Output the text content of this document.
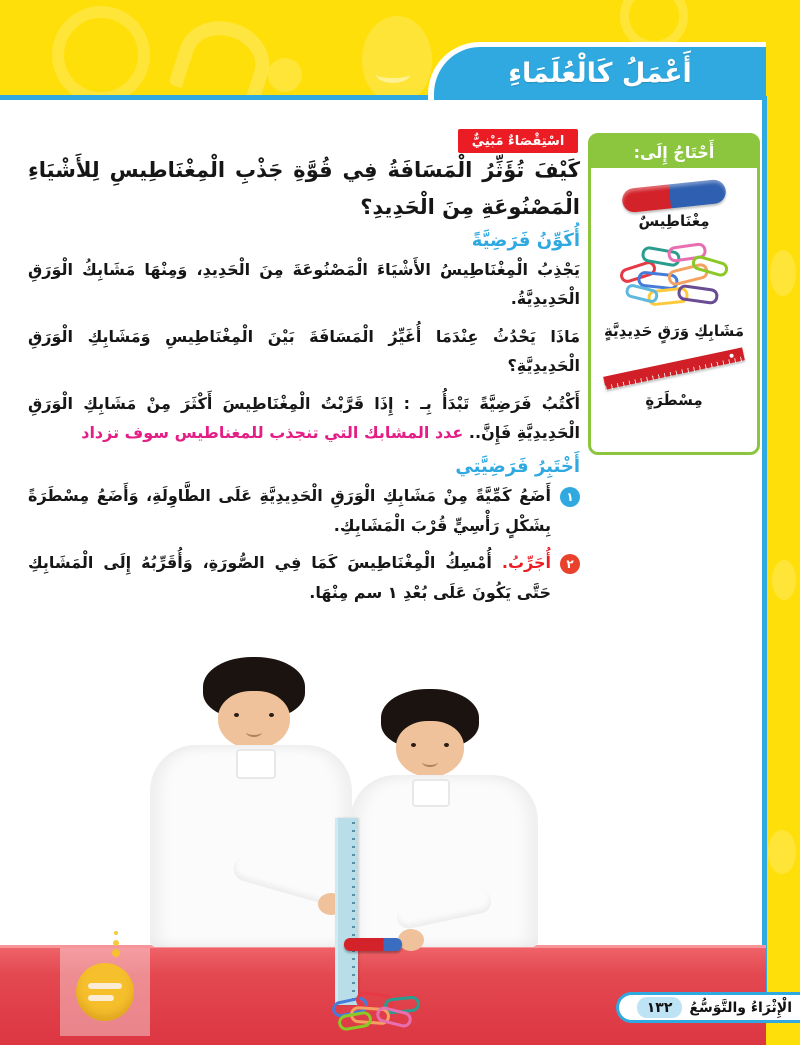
أَعْمَلُ كَالْعُلَمَاءِ
اسْتِقْصَاءٌ مَبْنِيٌّ

كَيْفَ تُؤَثِّرُ الْمَسَافَةُ فِي قُوَّةِ جَذْبِ الْمِغْنَاطِيسِ لِلأَشْيَاءِ الْمَصْنُوعَةِ مِنَ الْحَدِيدِ؟

أُكَوِّنُ فَرَضِيَّةً

يَجْذِبُ الْمِغْنَاطِيسُ الأَشْيَاءَ الْمَصْنُوعَةَ مِنَ الْحَدِيدِ، وَمِنْهَا مَشَابِكُ الْوَرَقِ الْحَدِيدِيَّةُ.

مَاذَا يَحْدُثُ عِنْدَمَا أُغَيِّرُ الْمَسَافَةَ بَيْنَ الْمِغْنَاطِيسِ وَمَشَابِكِ الْوَرَقِ الْحَدِيدِيَّةِ؟

أَكْتُبُ فَرَضِيَّةً تَبْدَأُ بِـ : إِذَا قَرَّبْتُ الْمِغْنَاطِيسَ أَكْثَرَ مِنْ مَشَابِكِ الْوَرَقِ الْحَدِيدِيَّةِ فَإِنَّ.. عدد المشابك التي تنجذب للمغناطيس سوف تزداد

أَخْتَبِرُ فَرَضِيَّتِي
١
أَضَعُ كَمِّيَّةً مِنْ مَشَابِكِ الْوَرَقِ الْحَدِيدِيَّةِ عَلَى الطَّاوِلَةِ، وَأَضَعُ مِسْطَرَةً بِشَكْلٍ رَأْسِيٍّ قُرْبَ الْمَشَابِكِ.
٢
أُجَرِّبُ. أُمْسِكُ الْمِغْنَاطِيسَ كَمَا فِي الصُّورَةِ، وَأُقَرِّبُهُ إِلَى الْمَشَابِكِ حَتَّى يَكُونَ عَلَى بُعْدِ ١ سم مِنْهَا.
أَحْتَاجُ إِلَى:
مِغْنَاطِيسٌ
مَشَابِكِ وَرَقٍ حَدِيدِيَّةٍ
مِسْطَرَةٍ
الْإِثْرَاءُ والتَّوَسُّعُ
١٣٢
